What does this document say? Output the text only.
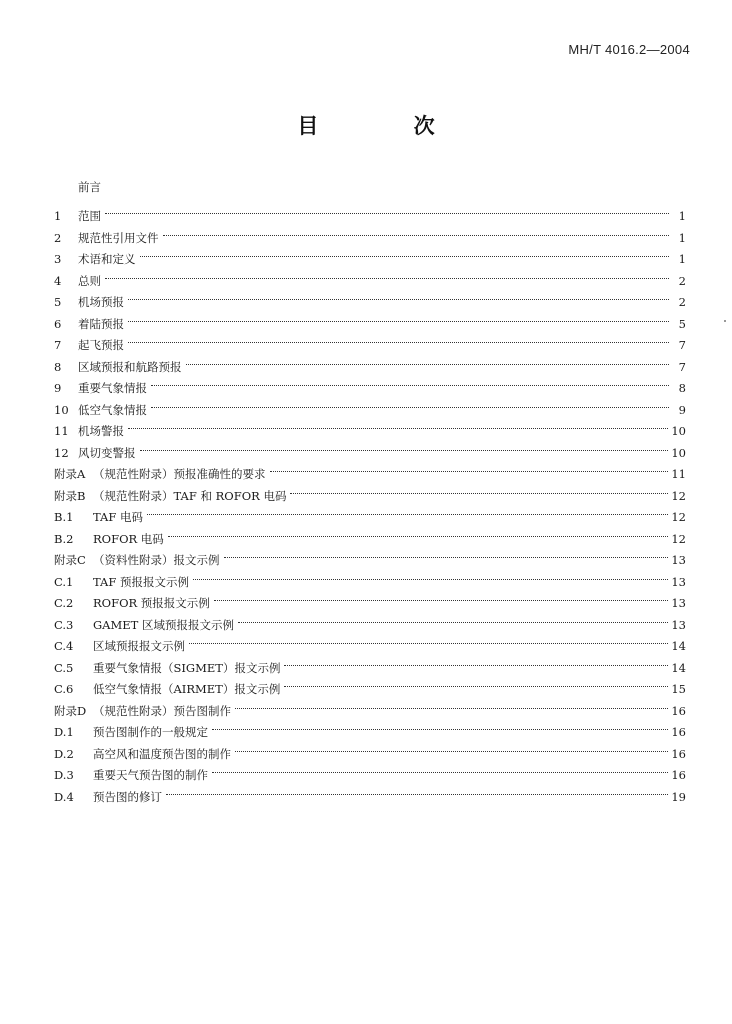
MH/T 4016.2—2004
目 次
前言
1	范围	1
2	规范性引用文件	1
3	术语和定义	1
4	总则	2
5	机场预报	2
6	着陆预报	5
7	起飞预报	7
8	区域预报和航路预报	7
9	重要气象情报	8
10 低空气象情报	9
11 机场警报	10
12 风切变警报	10
附录A （规范性附录）预报准确性的要求	11
附录B （规范性附录）TAF 和 ROFOR 电码	12
B.1	TAF 电码	12
B.2	ROFOR 电码	12
附录C （资料性附录）报文示例	13
C.1	TAF 预报报文示例	13
C.2	ROFOR 预报报文示例	13
C.3	GAMET 区域预报报文示例	13
C.4	区域预报报文示例	14
C.5	重要气象情报（SIGMET）报文示例	14
C.6	低空气象情报（AIRMET）报文示例	15
附录D （规范性附录）预告图制作	16
D.1	预告图制作的一般规定	16
D.2	高空风和温度预告图的制作	16
D.3	重要天气预告图的制作	16
D.4	预告图的修订	19
